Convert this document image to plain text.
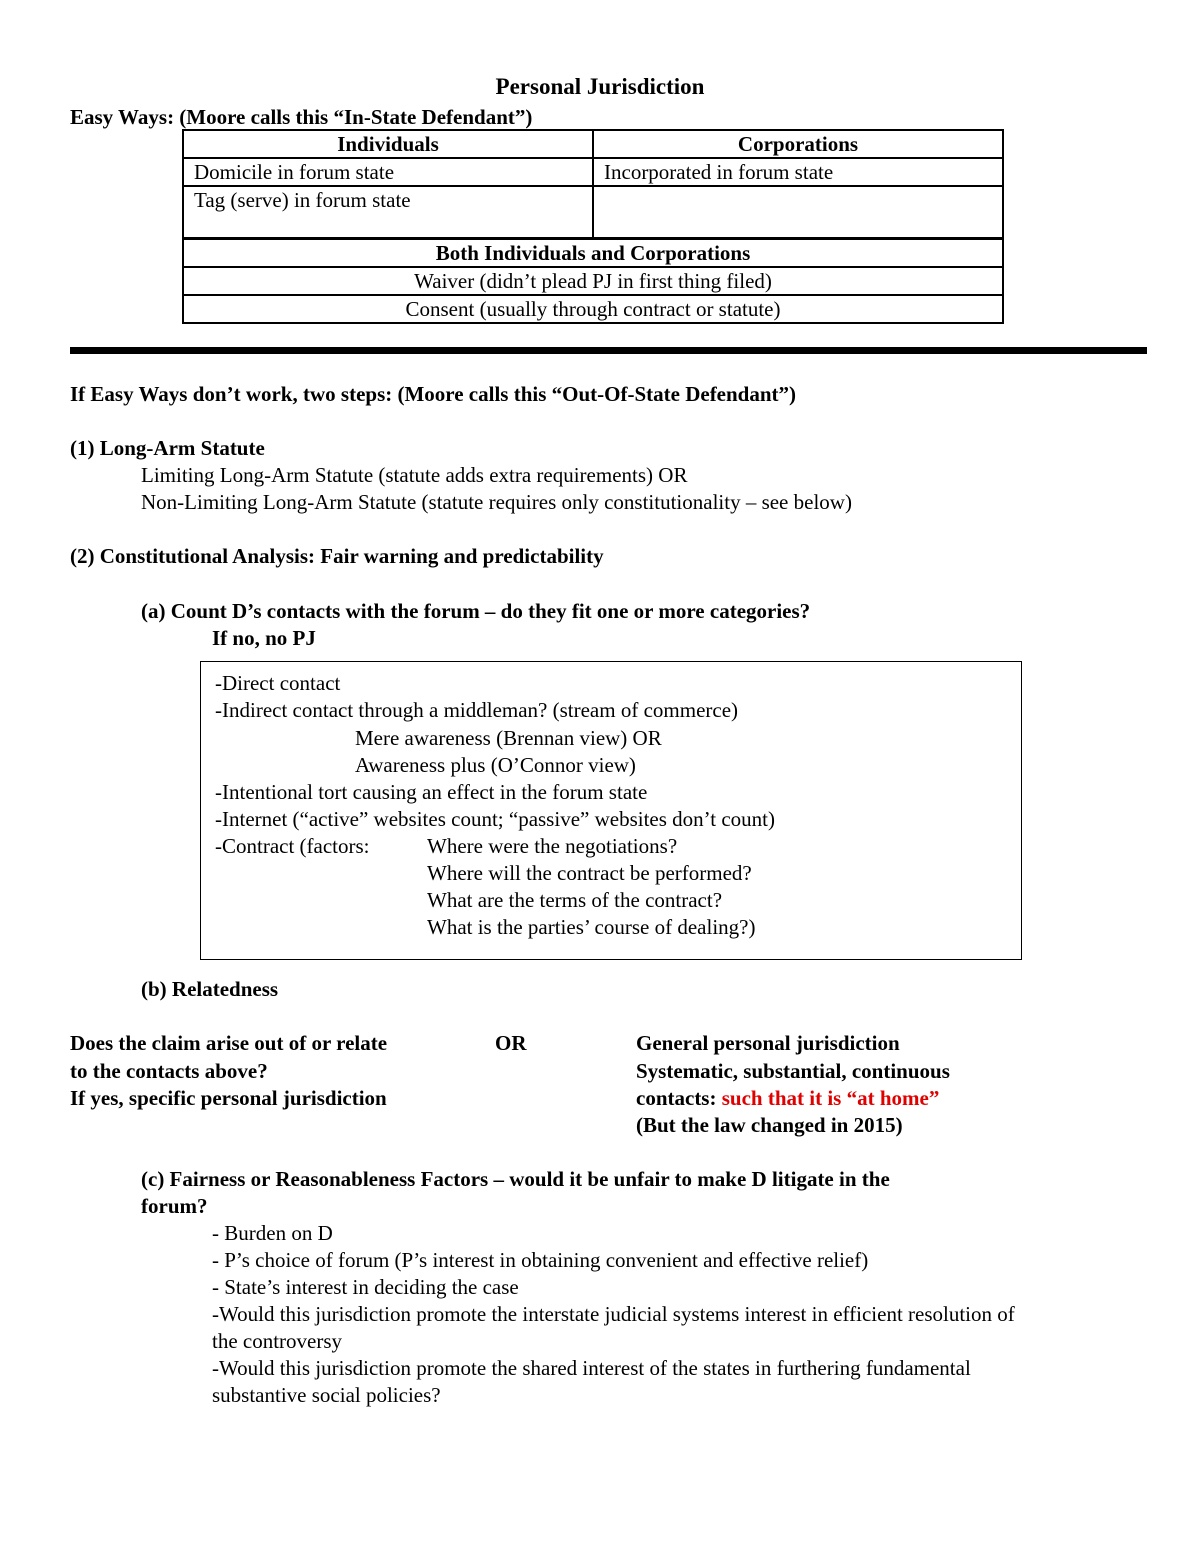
Personal Jurisdiction
Easy Ways: (Moore calls this “In-State Defendant”)
Individuals	Corporations
Domicile in forum state	Incorporated in forum state
Tag (serve) in forum state	
Both Individuals and Corporations	
Waiver (didn’t plead PJ in first thing filed)	
Consent (usually through contract or statute)	
If Easy Ways don’t work, two steps: (Moore calls this “Out-Of-State Defendant”)
(1) Long-Arm Statute
Limiting Long-Arm Statute (statute adds extra requirements) OR
Non-Limiting Long-Arm Statute (statute requires only constitutionality – see below)
(2) Constitutional Analysis: Fair warning and predictability
(a) Count D’s contacts with the forum – do they fit one or more categories?
If no, no PJ
-Direct contact
-Indirect contact through a middleman? (stream of commerce)
Mere awareness (Brennan view) OR
Awareness plus (O’Connor view)
-Intentional tort causing an effect in the forum state
-Internet (“active” websites count; “passive” websites don’t count)
-Contract (factors:	Where were the negotiations?
Where will the contract be performed?
What are the terms of the contract?
What is the parties’ course of dealing?)
(b) Relatedness
Does the claim arise out of or relate
to the contacts above?
If yes, specific personal jurisdiction
OR	General personal jurisdiction
Systematic, substantial, continuous
contacts: such that it is “at home”
(But the law changed in 2015)
(c) Fairness or Reasonableness Factors – would it be unfair to make D litigate in the
forum?
- Burden on D
- P’s choice of forum (P’s interest in obtaining convenient and effective relief)
- State’s interest in deciding the case
-Would this jurisdiction promote the interstate judicial systems interest in efficient resolution of
the controversy
-Would this jurisdiction promote the shared interest of the states in furthering fundamental
substantive social policies?
